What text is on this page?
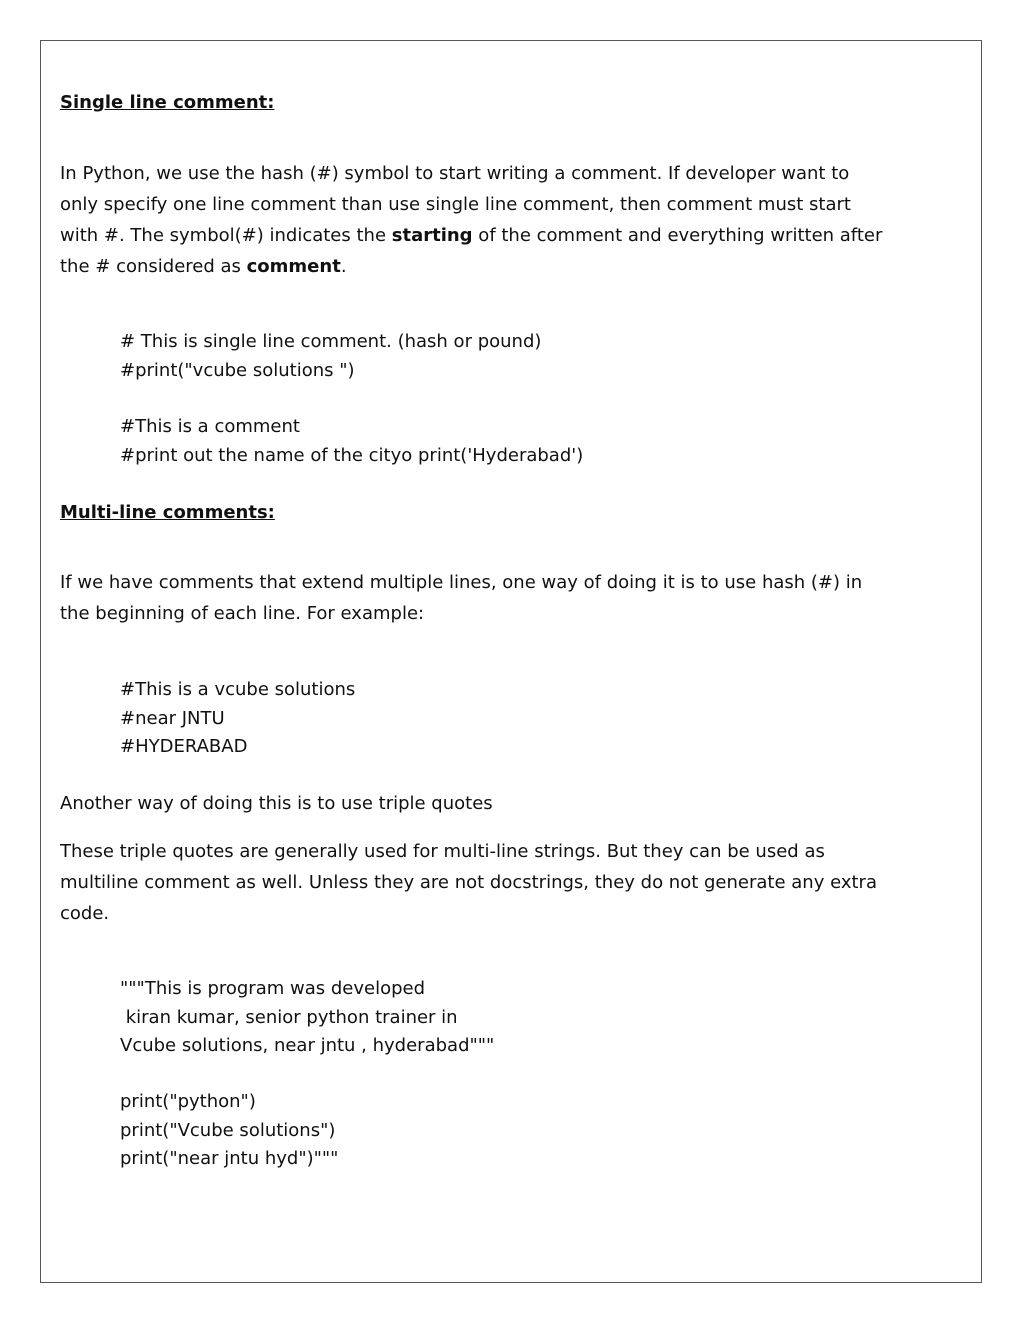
Single line comment:
In Python, we use the hash (#) symbol to start writing a comment. If developer want to
only specify one line comment than use single line comment, then comment must start
with #. The symbol(#) indicates the starting of the comment and everything written after
the # considered as comment.
# This is single line comment. (hash or pound)
#print("vcube solutions ")
#This is a comment
#print out the name of the cityo print('Hyderabad')
Multi-line comments:
If we have comments that extend multiple lines, one way of doing it is to use hash (#) in
the beginning of each line. For example:
#This is a vcube solutions
#near JNTU
#HYDERABAD
Another way of doing this is to use triple quotes
These triple quotes are generally used for multi-line strings. But they can be used as
multiline comment as well. Unless they are not docstrings, they do not generate any extra
code.
"""This is program was developed
kiran kumar, senior python trainer in
Vcube solutions, near jntu , hyderabad"""
print("python")
print("Vcube solutions")
print("near jntu hyd")"""
